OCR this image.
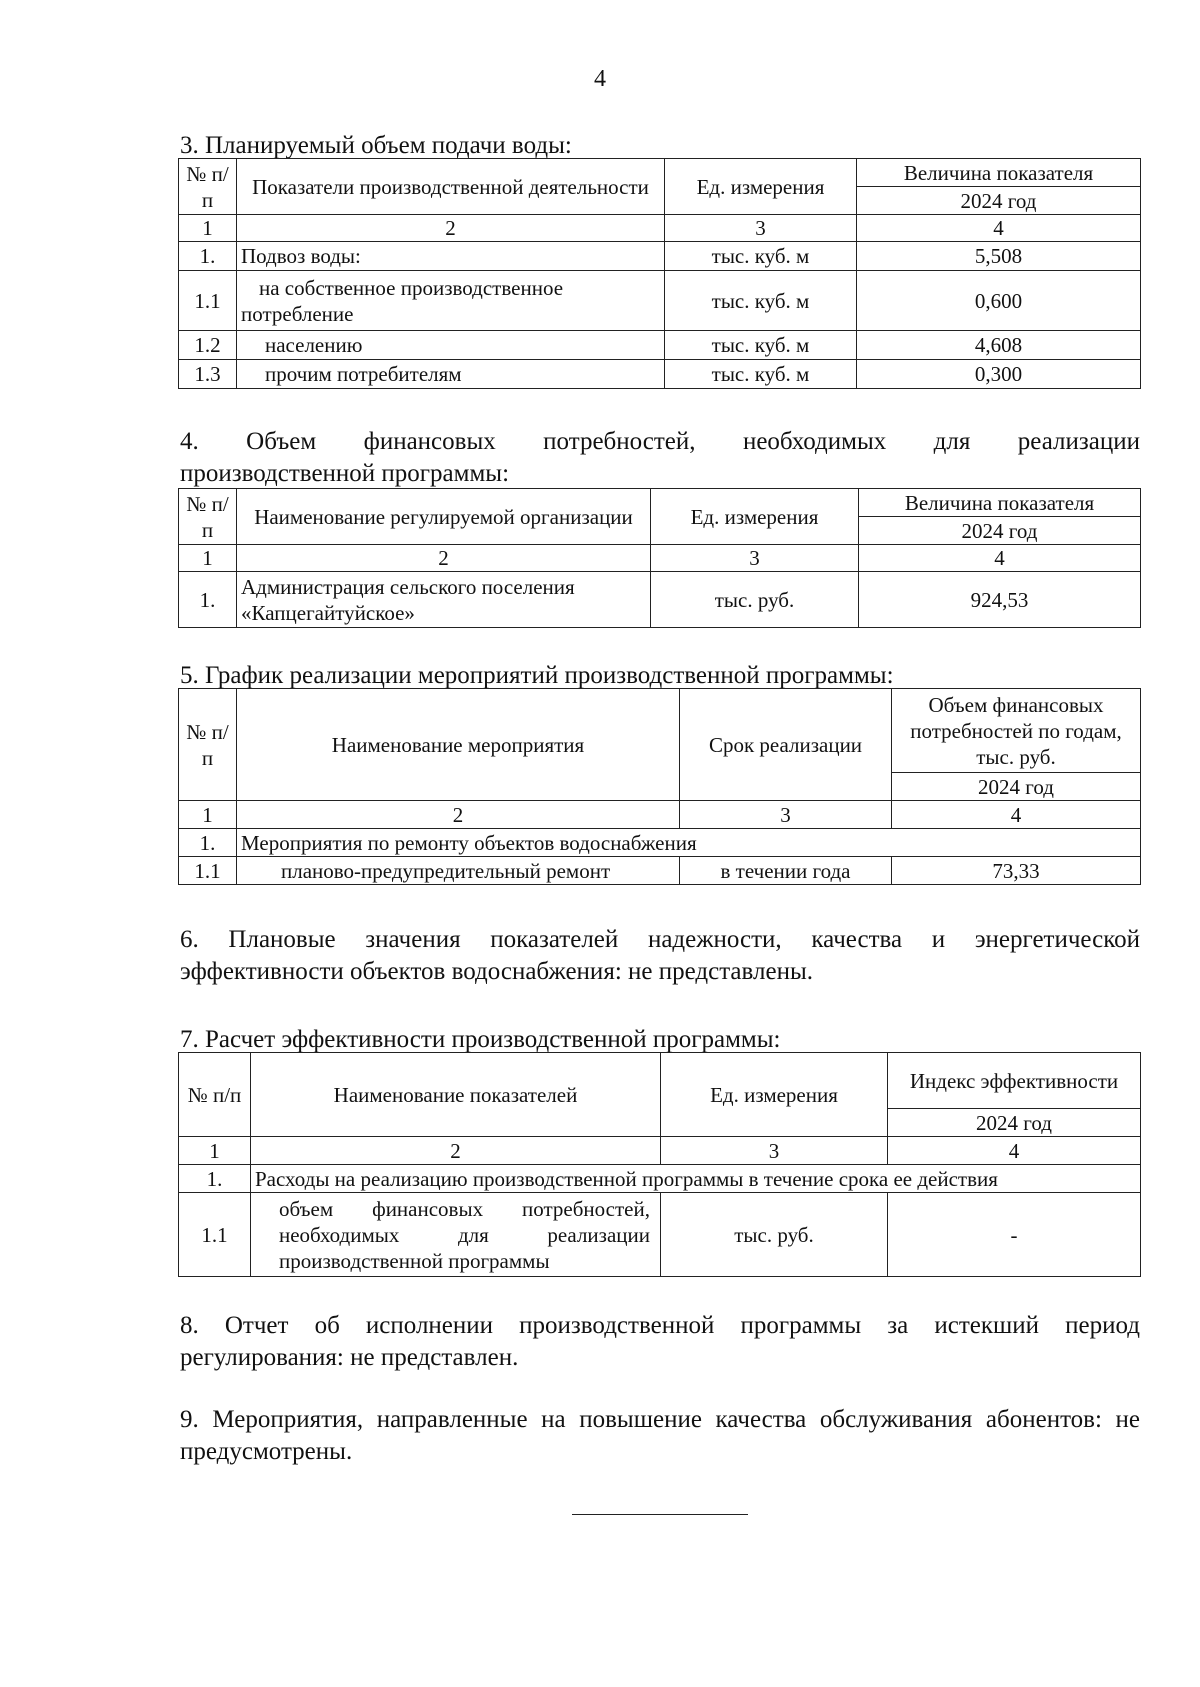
4
3. Планируемый объем подачи воды:
№ п/п	Показатели производственной деятельности	Ед. измерения	Величина показателя
			2024 год
1	2	3	4
1.	Подвоз воды:	тыс. куб. м	5,508
1.1	на собственное производственное потребление	тыс. куб. м	0,600
1.2	населению	тыс. куб. м	4,608
1.3	прочим потребителям	тыс. куб. м	0,300
4. Объем финансовых потребностей, необходимых для реализации
производственной программы:
№ п/п	Наименование регулируемой организации	Ед. измерения	Величина показателя
			2024 год
1	2	3	4
1.	Администрация сельского поселения «Капцегайтуйское»	тыс. руб.	924,53
5. График реализации мероприятий производственной программы:
№ п/п	Наименование мероприятия	Срок реализации	Объем финансовых потребностей по годам, тыс. руб.
			2024 год
1	2	3	4
1.	Мероприятия по ремонту объектов водоснабжения		
1.1	планово-предупредительный ремонт	в течении года	73,33
6. Плановые значения показателей надежности, качества и энергетической эффективности объектов водоснабжения: не представлены.
7. Расчет эффективности производственной программы:
№ п/п	Наименование показателей	Ед. измерения	Индекс эффективности
			2024 год
1	2	3	4
1.	Расходы на реализацию производственной программы в течение срока ее действия		
1.1	объем финансовых потребностей, необходимых для реализации производственной программы	тыс. руб.	-
8. Отчет об исполнении производственной программы за истекший период регулирования: не представлен.
9. Мероприятия, направленные на повышение качества обслуживания абонентов: не предусмотрены.
